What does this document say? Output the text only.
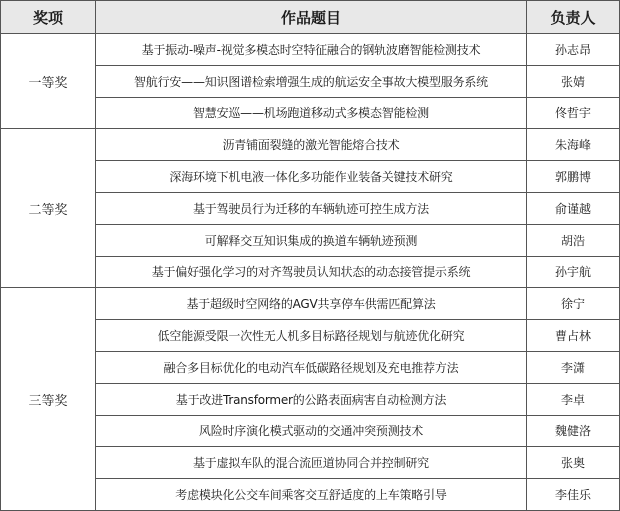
奖项	作品题目	负责人
一等奖	基于振动-噪声-视觉多模态时空特征融合的钢轨波磨智能检测技术	孙志昂
	智航行安——知识图谱检索增强生成的航运安全事故大模型服务系统	张婧
	智慧安巡——机场跑道移动式多模态智能检测	佟哲宇
二等奖	沥青铺面裂缝的激光智能熔合技术	朱海峰
	深海环境下机电液一体化多功能作业装备关键技术研究	郭鹏博
	基于驾驶员行为迁移的车辆轨迹可控生成方法	俞谨越
	可解释交互知识集成的换道车辆轨迹预测	胡浩
	基于偏好强化学习的对齐驾驶员认知状态的动态接管提示系统	孙宇航
三等奖	基于超级时空网络的AGV共享停车供需匹配算法	徐宁
	低空能源受限一次性无人机多目标路径规划与航迹优化研究	曹占林
	融合多目标优化的电动汽车低碳路径规划及充电推荐方法	李潇
	基于改进Transformer的公路表面病害自动检测方法	李卓
	风险时序演化模式驱动的交通冲突预测技术	魏健洛
	基于虚拟车队的混合流匝道协同合并控制研究	张奥
	考虑模块化公交车间乘客交互舒适度的上车策略引导	李佳乐
